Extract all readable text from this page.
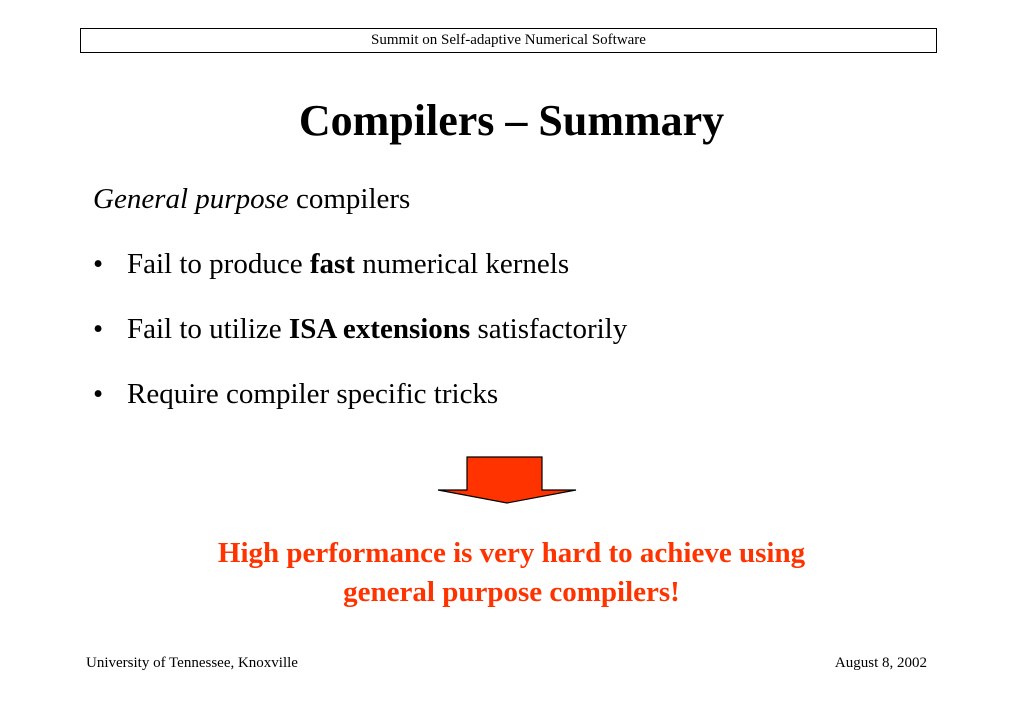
Summit on Self-adaptive Numerical Software
Compilers – Summary
General purpose compilers
• Fail to produce fast numerical kernels
• Fail to utilize ISA extensions satisfactorily
• Require compiler specific tricks
High performance is very hard to achieve using
general purpose compilers!
University of Tennessee, Knoxville	August 8, 2002
